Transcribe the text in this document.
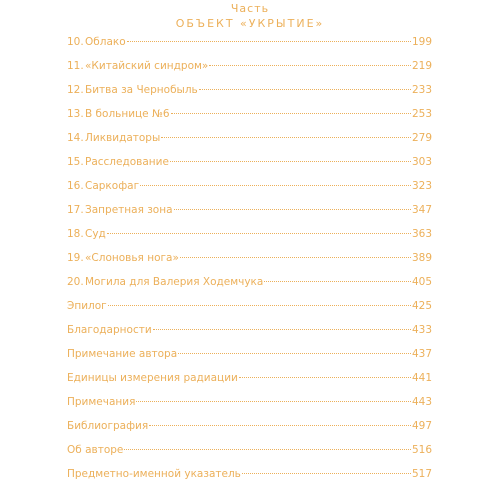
Часть
ОБЪЕКТ «УКРЫТИЕ»
10. Облако	199
11. «Китайский синдром»	219
12. Битва за Чернобыль	233
13. В больнице №6	253
14. Ликвидаторы	279
15. Расследование	303
16. Саркофаг	323
17. Запретная зона	347
18. Суд	363
19. «Слоновья нога»	389
20. Могила для Валерия Ходемчука	405
Эпилог	425
Благодарности	433
Примечание автора	437
Единицы измерения радиации	441
Примечания	443
Библиография	497
Об авторе	516
Предметно-именной указатель	517
